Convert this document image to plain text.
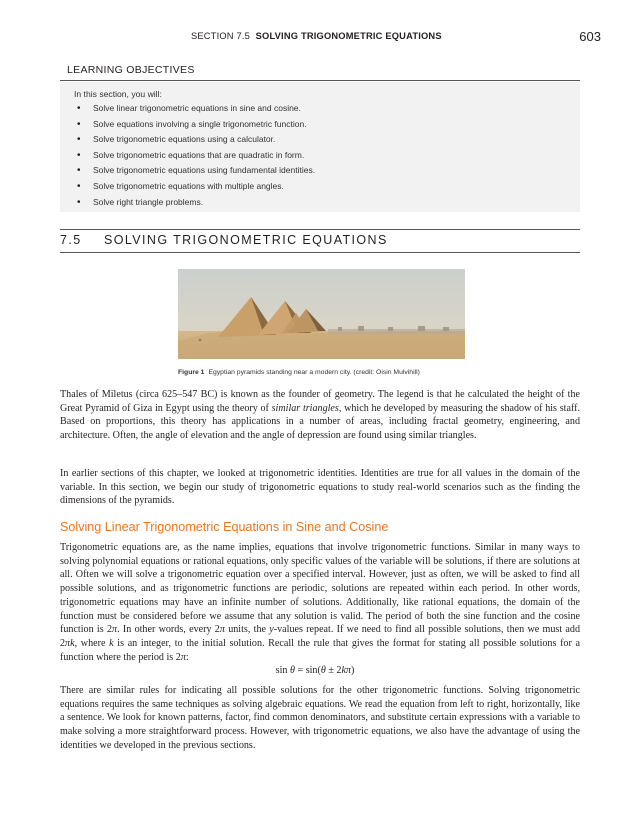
SECTION 7.5 SOLVING TRIGONOMETRIC EQUATIONS	603
LEARNING OBJECTIVES
In this section, you will:
• Solve linear trigonometric equations in sine and cosine.
• Solve equations involving a single trigonometric function.
• Solve trigonometric equations using a calculator.
• Solve trigonometric equations that are quadratic in form.
• Solve trigonometric equations using fundamental identities.
• Solve trigonometric equations with multiple angles.
• Solve right triangle problems.
7.5 SOLVING TRIGONOMETRIC EQUATIONS
Figure 1 Egyptian pyramids standing near a modern city. (credit: Oisin Mulvihill)

Thales of Miletus (circa 625–547 BC) is known as the founder of geometry. The legend is that he calculated the height of the Great Pyramid of Giza in Egypt using the theory of similar triangles, which he developed by measuring the shadow of his staff. Based on proportions, this theory has applications in a number of areas, including fractal geometry, engineering, and architecture. Often, the angle of elevation and the angle of depression are found using similar triangles.

In earlier sections of this chapter, we looked at trigonometric identities. Identities are true for all values in the domain of the variable. In this section, we begin our study of trigonometric equations to study real-world scenarios such as the finding the dimensions of the pyramids.

Solving Linear Trigonometric Equations in Sine and Cosine

Trigonometric equations are, as the name implies, equations that involve trigonometric functions. Similar in many ways to solving polynomial equations or rational equations, only specific values of the variable will be solutions, if there are solutions at all. Often we will solve a trigonometric equation over a specified interval. However, just as often, we will be asked to find all possible solutions, and as trigonometric functions are periodic, solutions are repeated within each period. In other words, trigonometric equations may have an infinite number of solutions. Additionally, like rational equations, the domain of the function must be considered before we assume that any solution is valid. The period of both the sine function and the cosine function is 2π. In other words, every 2π units, the y-values repeat. If we need to find all possible solutions, then we must add 2πk, where k is an integer, to the initial solution. Recall the rule that gives the format for stating all possible solutions for a function where the period is 2π:

sin θ = sin(θ ± 2kπ)

There are similar rules for indicating all possible solutions for the other trigonometric functions. Solving trigonometric equations requires the same techniques as solving algebraic equations. We read the equation from left to right, horizontally, like a sentence. We look for known patterns, factor, find common denominators, and substitute certain expressions with a variable to make solving a more straightforward process. However, with trigonometric equations, we also have the advantage of using the identities we developed in the previous sections.
